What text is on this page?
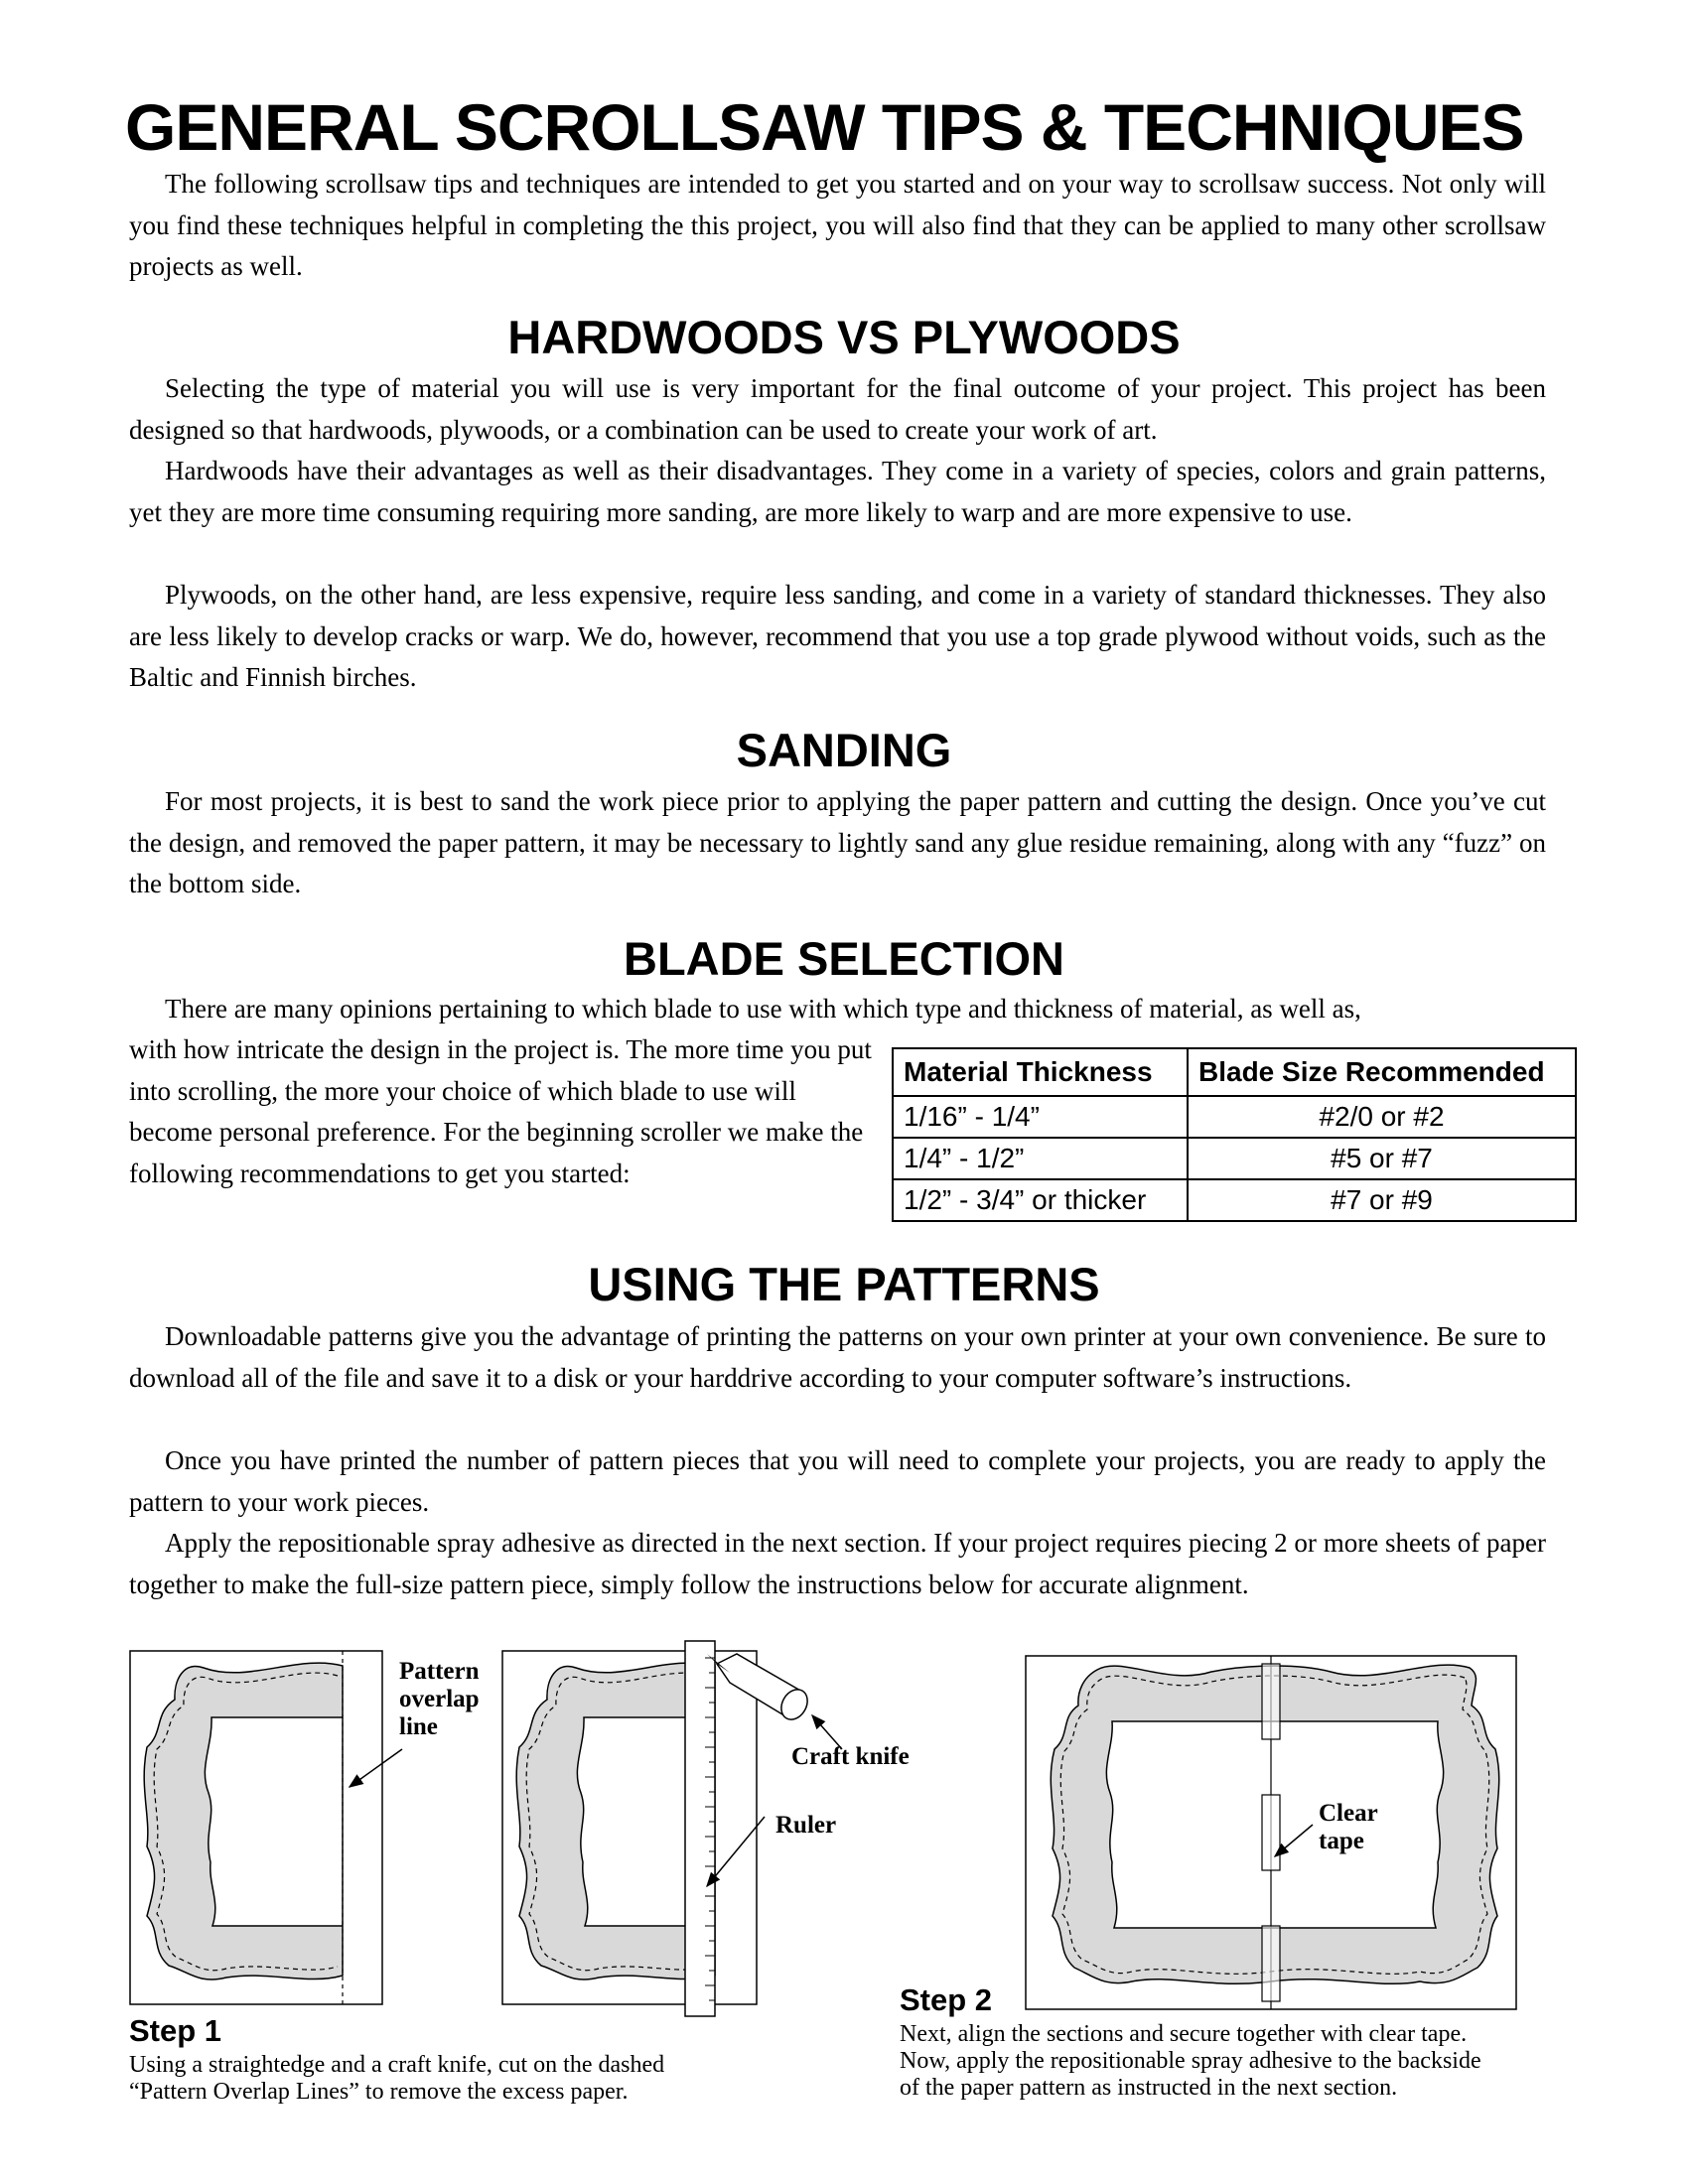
GENERAL SCROLLSAW TIPS & TECHNIQUES

The following scrollsaw tips and techniques are intended to get you started and on your way to scrollsaw success. Not only will you find these techniques helpful in completing the this project, you will also find that they can be applied to many other scrollsaw projects as well.

HARDWOODS VS PLYWOODS

Selecting the type of material you will use is very important for the final outcome of your project. This project has been designed so that hardwoods, plywoods, or a combination can be used to create your work of art.

Hardwoods have their advantages as well as their disadvantages. They come in a variety of species, colors and grain patterns, yet they are more time consuming requiring more sanding, are more likely to warp and are more expensive to use.

Plywoods, on the other hand, are less expensive, require less sanding, and come in a variety of standard thicknesses. They also are less likely to develop cracks or warp. We do, however, recommend that you use a top grade plywood without voids, such as the Baltic and Finnish birches.

SANDING

For most projects, it is best to sand the work piece prior to applying the paper pattern and cutting the design. Once you’ve cut the design, and removed the paper pattern, it may be necessary to lightly sand any glue residue remaining, along with any “fuzz” on the bottom side.

BLADE SELECTION

There are many opinions pertaining to which blade to use with which type and thickness of material, as well as,

with how intricate the design in the project is. The more time you put into scrolling, the more your choice of which blade to use will become personal preference. For the beginning scroller we make the following recommendations to get you started:

Material Thickness	Blade Size Recommended
1/16” - 1/4”	#2/0 or #2
1/4” - 1/2”	#5 or #7
1/2” - 3/4” or thicker	#7 or #9
USING THE PATTERNS

Downloadable patterns give you the advantage of printing the patterns on your own printer at your own convenience. Be sure to download all of the file and save it to a disk or your harddrive according to your computer software’s instructions.

Once you have printed the number of pattern pieces that you will need to complete your projects, you are ready to apply the pattern to your work pieces.

Apply the repositionable spray adhesive as directed in the next section. If your project requires piecing 2 or more sheets of paper together to make the full-size pattern piece, simply follow the instructions below for accurate alignment.

Pattern
overlap
line
Craft knife
Ruler	Clear
tape
Step 1
Using a straightedge and a craft knife, cut on the dashed
“Pattern Overlap Lines” to remove the excess paper.
Step 2
Next, align the sections and secure together with clear tape.
Now, apply the repositionable spray adhesive to the backside
of the paper pattern as instructed in the next section.
